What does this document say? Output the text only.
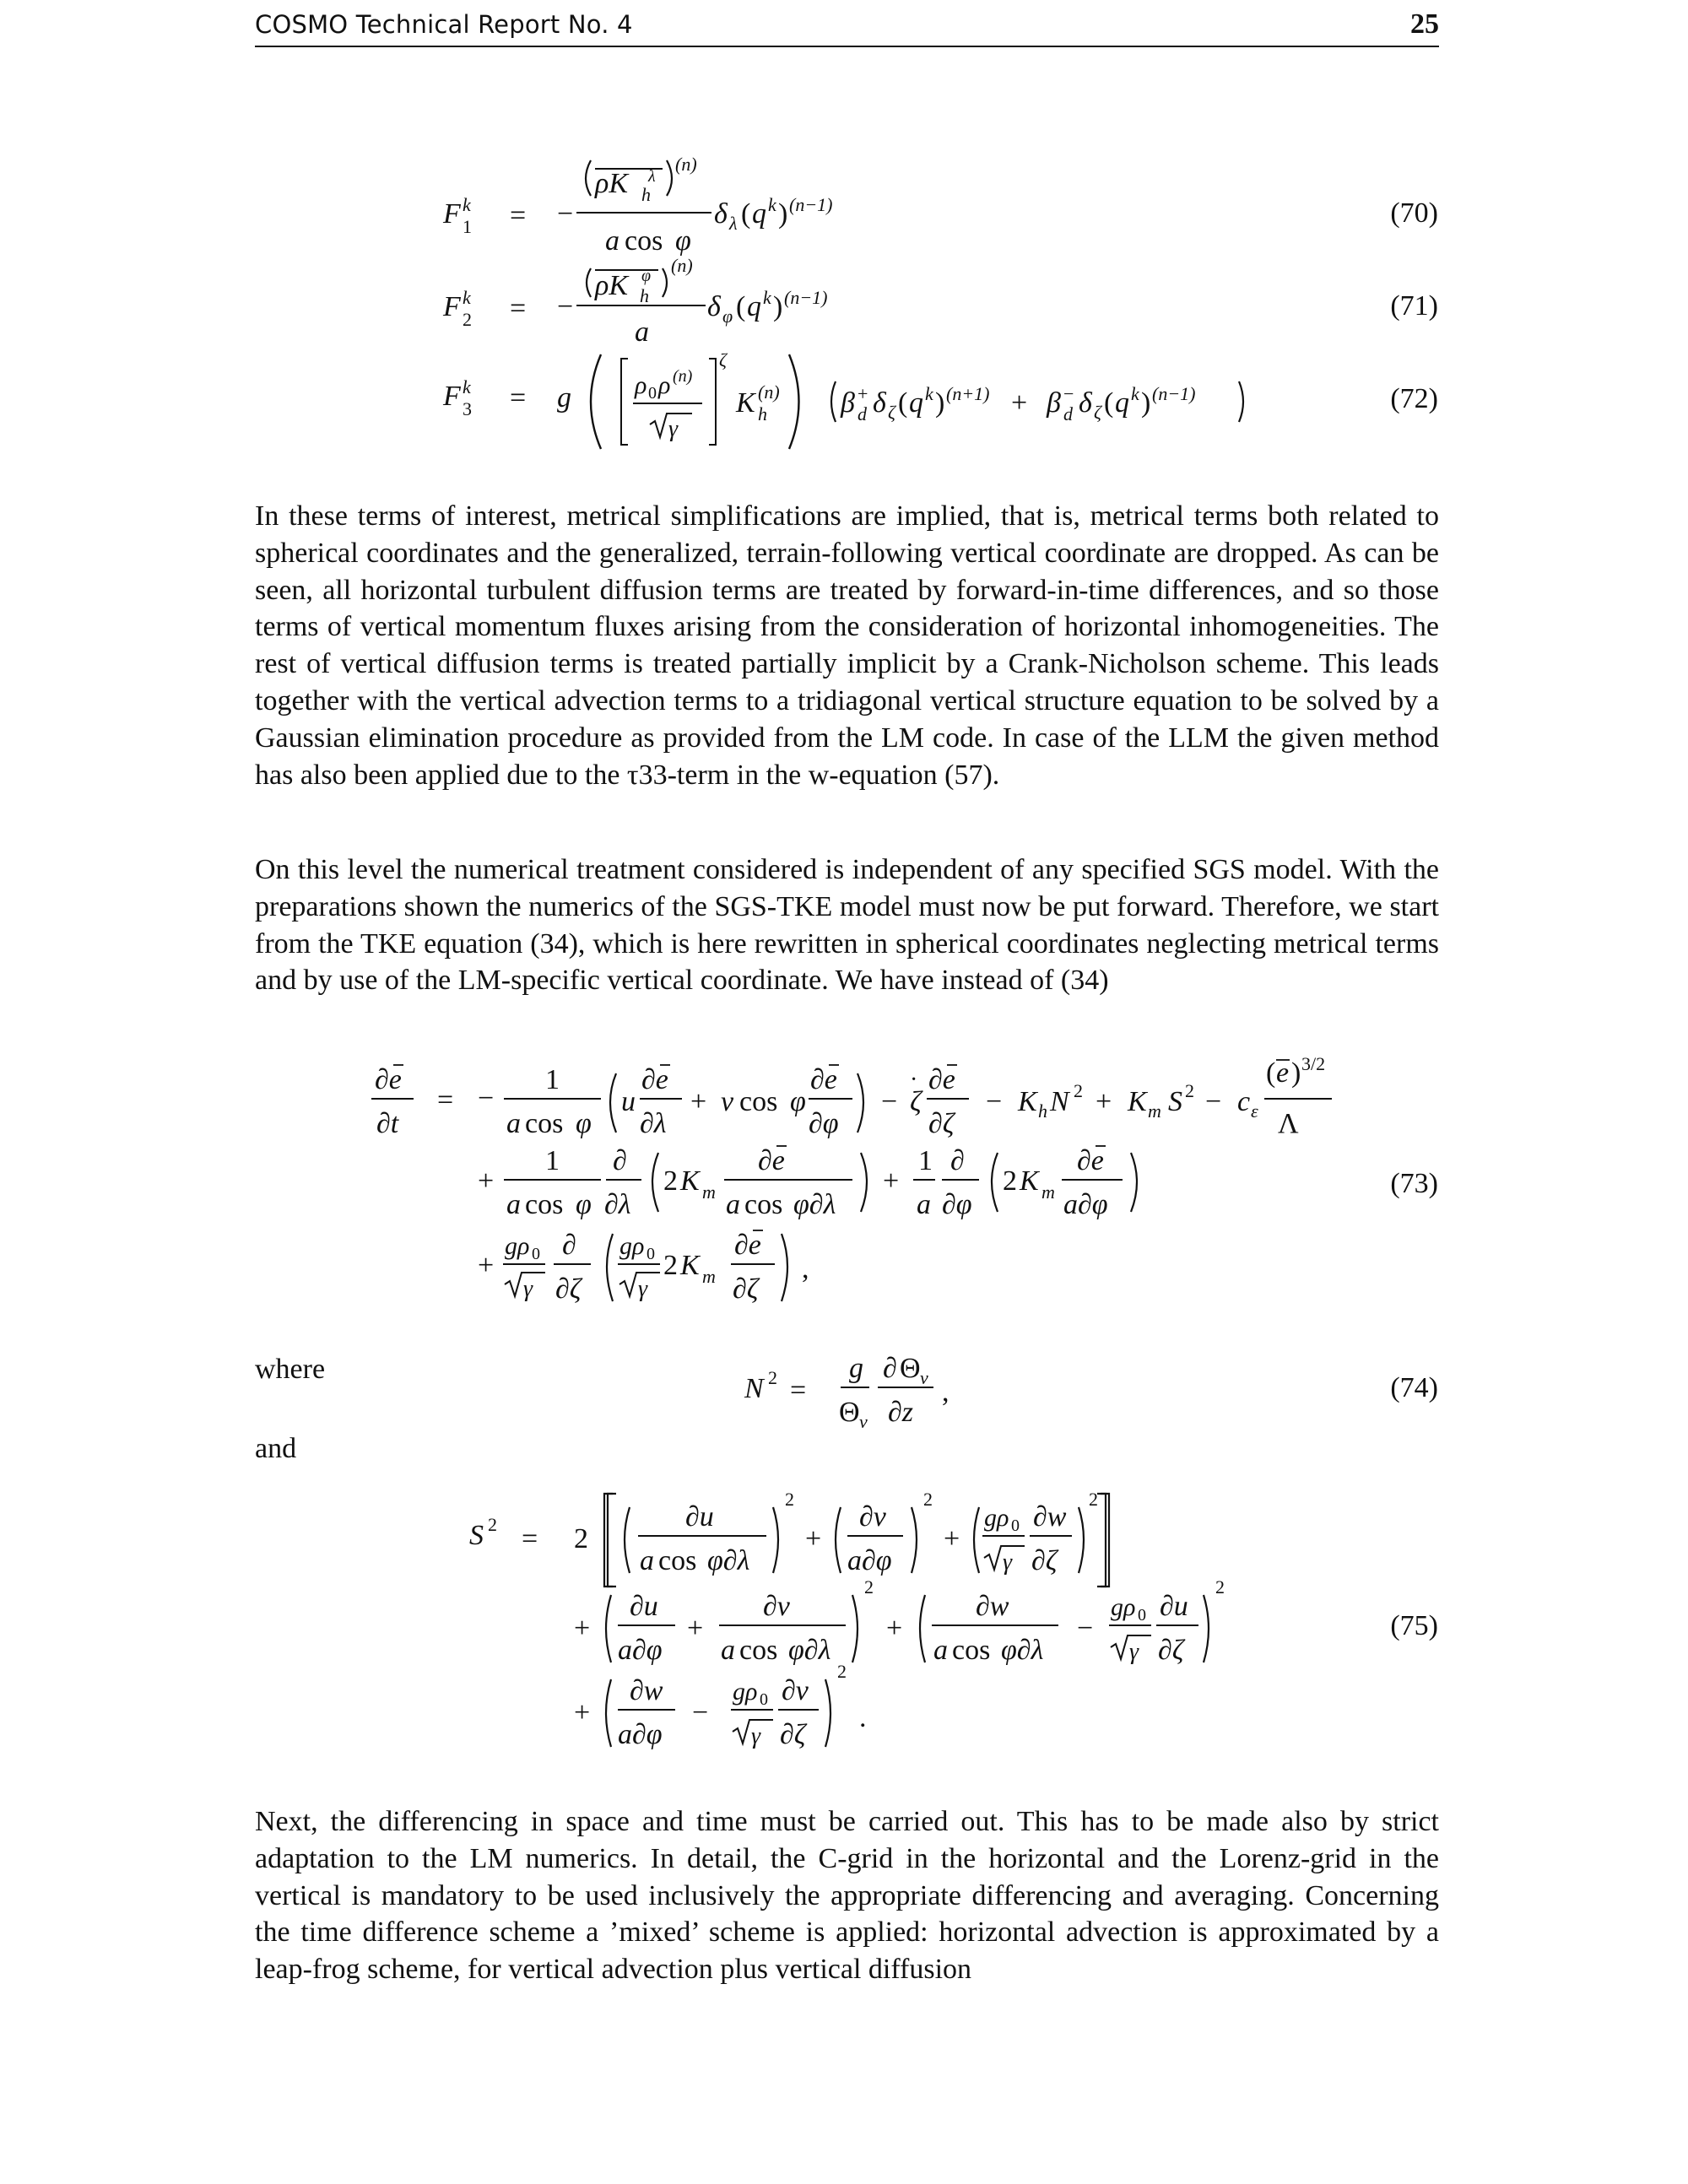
COSMO Technical Report No. 4	25
F k
1 = −
ρK λ
h
(n)
a cos φ
δ λ ( q k ) (n−1)
F k
2 = −
ρK φ
h
(n)
a
δ φ ( q k ) (n−1)
F k
3 = g	ρ 0 ρ (n)
γ
ζ
K (n)
h	β +
d δ ζ ( q k ) (n+1) + β −
d δ ζ ( q k ) (n−1)
(70)
(71)
(72)

In these terms of interest, metrical simplifications are implied, that is, metrical terms both related to spherical coordinates and the generalized, terrain-following vertical coordinate are dropped. As can be seen, all horizontal turbulent diffusion terms are treated by forward-in-time differences, and so those terms of vertical momentum fluxes arising from the consideration of horizontal inhomogeneities. The rest of vertical diffusion terms is treated partially implicit by a Crank-Nicholson scheme. This leads together with the vertical advection terms to a tridiagonal vertical structure equation to be solved by a Gaussian elimination procedure as provided from the LM code. In case of the LLM the given method has also been applied due to the τ33-term in the w-equation (57).

On this level the numerical treatment considered is independent of any specified SGS model. With the preparations shown the numerics of the SGS-TKE model must now be put forward. Therefore, we start from the TKE equation (34), which is here rewritten in spherical coordinates neglecting metrical terms and by use of the LM-specific vertical coordinate. We have instead of (34)

∂e
∂t
= −
1
a cos φ
u
∂e
∂λ
+ v cos φ
∂e
∂φ
− ζ
· ∂e
∂ζ
− K h N 2 + K m S 2 − c ε
( e ) 3/2
Λ
+
1
a cos φ
∂
∂λ
2 K m
∂e
a cos φ∂λ
+
1
a
∂
∂φ
2 K m
∂e
a∂φ
+
gρ 0
γ
∂
∂ζ
gρ 0
γ
2 K m
∂e
∂ζ
,
(73)
where
N 2 =
g
Θ v
∂ Θ v
∂z
,	(74)
and
S 2 = 2
∂u
a cos φ∂λ
2
+
∂v
a∂φ
2
+
gρ 0
γ
∂w
∂ζ
2
+
∂u
a∂φ
+
∂v
a cos φ∂λ
2
+
∂w
a cos φ∂λ
−
gρ 0
γ
∂u
∂ζ
2
+
∂w
a∂φ
−
gρ 0
γ
∂v
∂ζ
2
.
(75)

Next, the differencing in space and time must be carried out. This has to be made also by strict adaptation to the LM numerics. In detail, the C-grid in the horizontal and the Lorenz-grid in the vertical is mandatory to be used inclusively the appropriate differencing and averaging. Concerning the time difference scheme a ’mixed’ scheme is applied: horizontal advection is approximated by a leap-frog scheme, for vertical advection plus vertical diffusion
